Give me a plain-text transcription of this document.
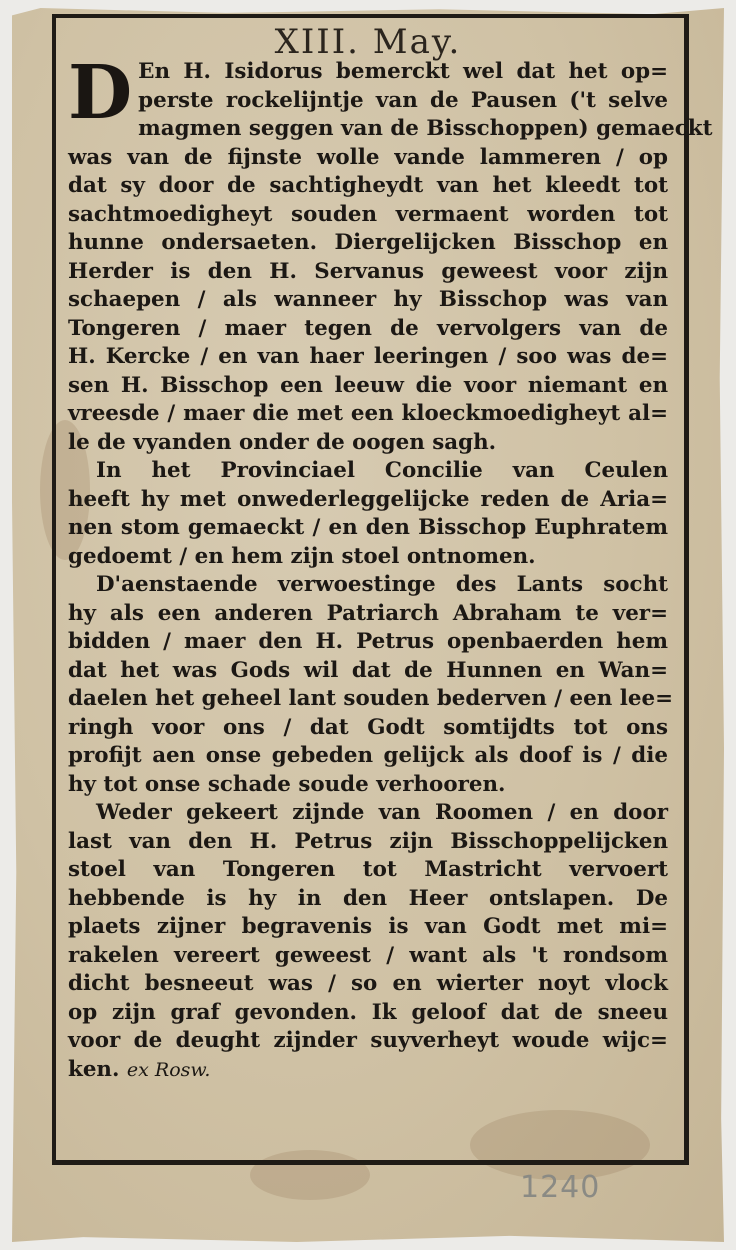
XIII. May.

D En H. Isidorus bemerckt wel dat het op=
perste rockelijntje van de Pausen ('t selve
magmen seggen van de Bisschoppen) gemaeckt
was van de fijnste wolle vande lammeren / op
dat sy door de sachtigheydt van het kleedt tot
sachtmoedigheyt souden vermaent worden tot
hunne ondersaeten. Diergelijcken Bisschop en
Herder is den H. Servanus geweest voor zijn
schaepen / als wanneer hy Bisschop was van
Tongeren / maer tegen de vervolgers van de
H. Kercke / en van haer leeringen / soo was de=
sen H. Bisschop een leeuw die voor niemant en
vreesde / maer die met een kloeckmoedigheyt al=
le de vyanden onder de oogen sagh.

In het Provinciael Concilie van Ceulen
heeft hy met onwederleggelijcke reden de Aria=
nen stom gemaeckt / en den Bisschop Euphratem
gedoemt / en hem zijn stoel ontnomen.

D'aenstaende verwoestinge des Lants socht
hy als een anderen Patriarch Abraham te ver=
bidden / maer den H. Petrus openbaerden hem
dat het was Gods wil dat de Hunnen en Wan=
daelen het geheel lant souden bederven / een lee=
ringh voor ons / dat Godt somtijdts tot ons
profijt aen onse gebeden gelijck als doof is / die
hy tot onse schade soude verhooren.

Weder gekeert zijnde van Roomen / en door
last van den H. Petrus zijn Bisschoppelijcken
stoel van Tongeren tot Mastricht vervoert
hebbende is hy in den Heer ontslapen. De
plaets zijner begravenis is van Godt met mi=
rakelen vereert geweest / want als 't rondsom
dicht besneeut was / so en wierter noyt vlock
op zijn graf gevonden. Ik geloof dat de sneeu
voor de deught zijnder suyverheyt woude wijc=
ken. ex Rosw.

1240
